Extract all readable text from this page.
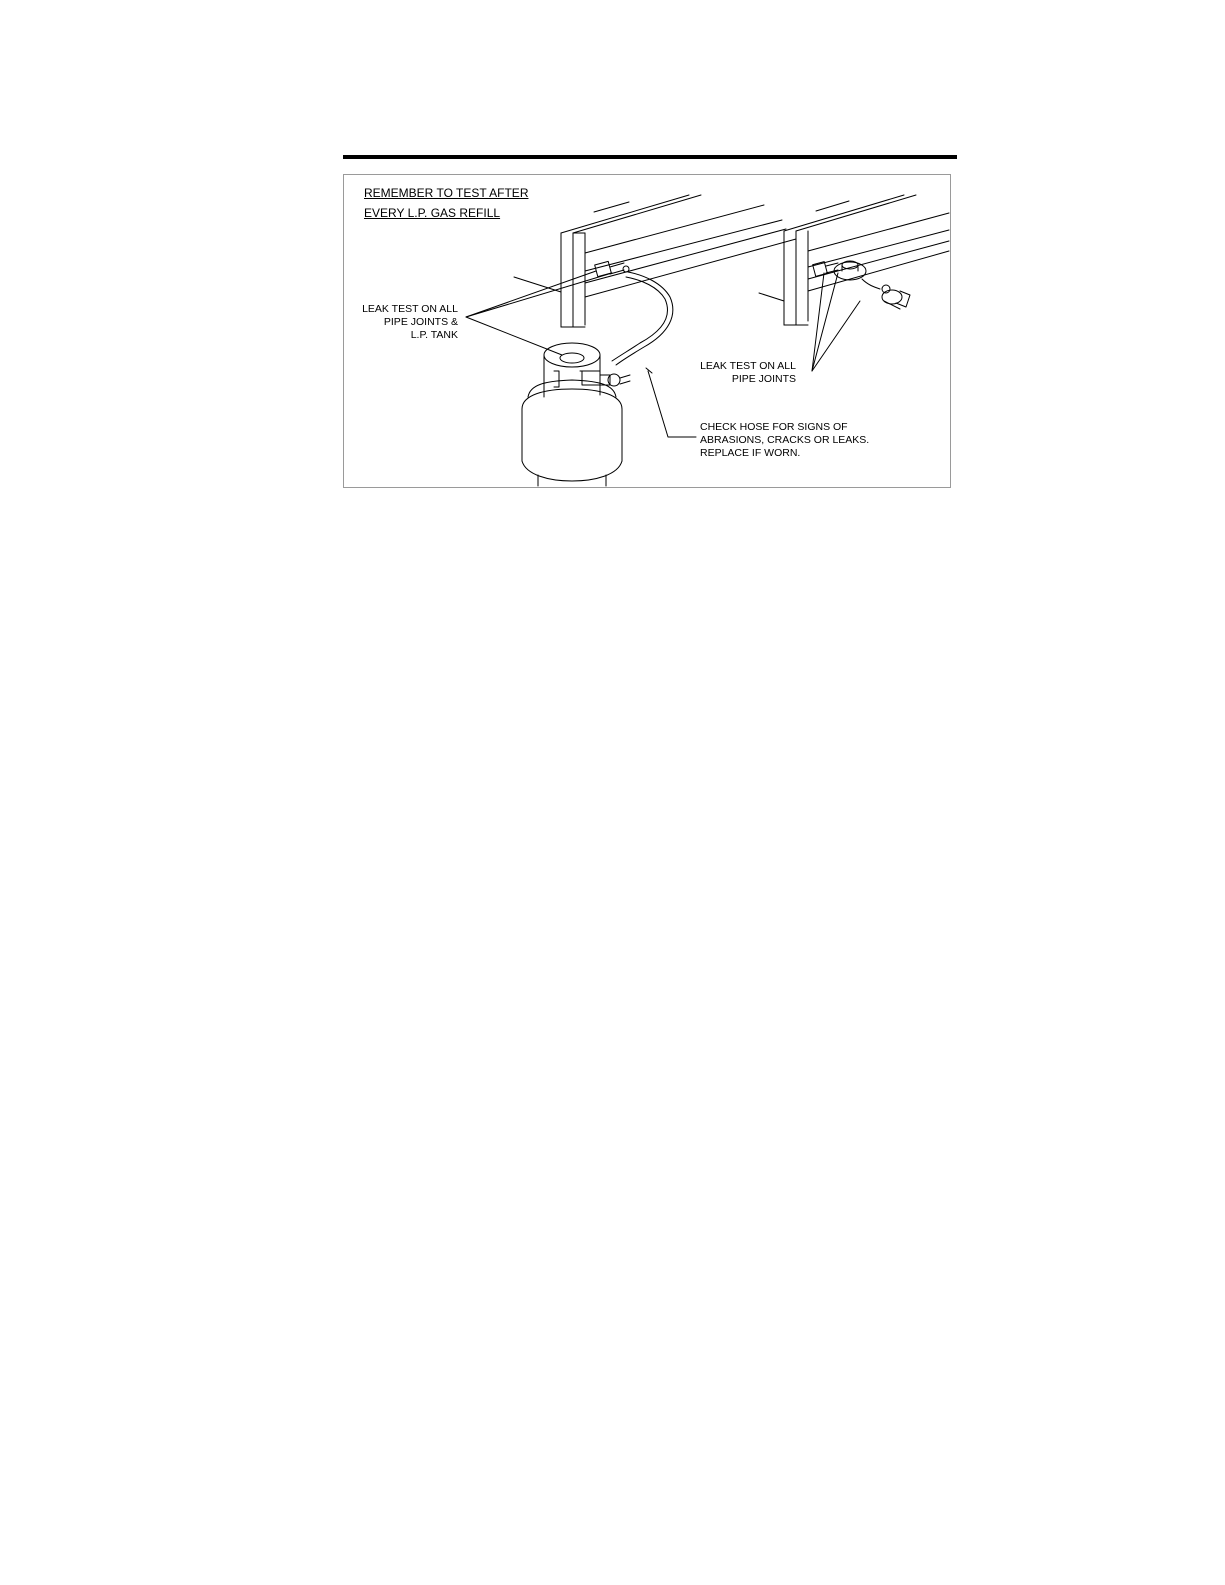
REMEMBER TO TEST AFTER
EVERY L.P. GAS REFILL
LEAK TEST ON ALL
PIPE JOINTS &
L.P. TANK
LEAK TEST ON ALL
PIPE JOINTS
CHECK HOSE FOR SIGNS OF
ABRASIONS, CRACKS OR LEAKS.
REPLACE IF WORN.
